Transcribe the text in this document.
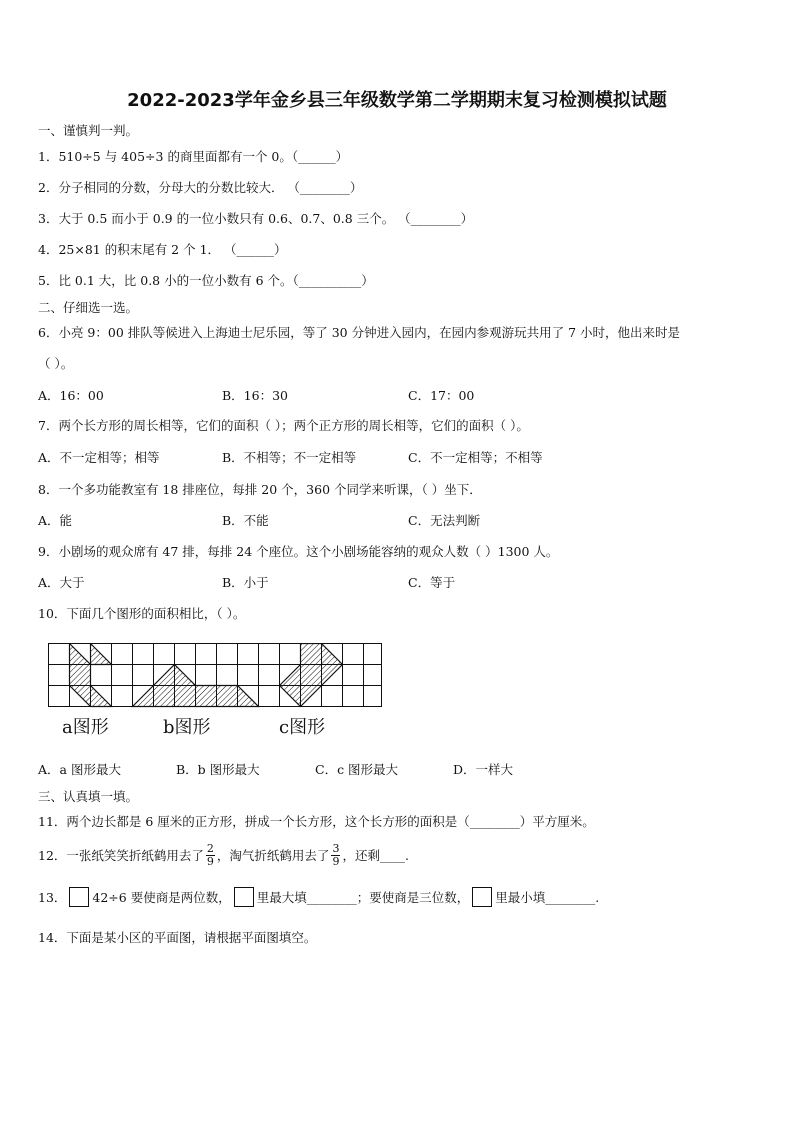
2022-2023学年金乡县三年级数学第二学期期末复习检测模拟试题
一、谨慎判一判。
1．510÷5 与 405÷3 的商里面都有一个 0。（______）
2．分子相同的分数，分母大的分数比较大． （________）
3．大于 0.5 而小于 0.9 的一位小数只有 0.6、0.7、0.8 三个。 （________）
4．25×81 的积末尾有 2 个 1． （______）
5．比 0.1 大，比 0.8 小的一位小数有 6 个。（__________）
二、仔细选一选。
6．小亮 9：00 排队等候进入上海迪士尼乐园，等了 30 分钟进入园内，在园内参观游玩共用了 7 小时，他出来时是
（ ）。
A．16：00	B．16：30	C．17：00
7．两个长方形的周长相等，它们的面积（ ）；两个正方形的周长相等，它们的面积（ ）。
A．不一定相等；相等	B．不相等；不一定相等	C．不一定相等；不相等
8．一个多功能教室有 18 排座位，每排 20 个，360 个同学来听课，（ ）坐下．
A．能	B．不能	C．无法判断
9．小剧场的观众席有 47 排，每排 24 个座位。这个小剧场能容纳的观众人数（ ）1300 人。
A．大于	B．小于	C．等于
10．下面几个图形的面积相比，（ ）。
a图形	b图形	c图形
A．a 图形最大	B．b 图形最大	C．c 图形最大	D．一样大
三、认真填一填。
11．两个边长都是 6 厘米的正方形，拼成一个长方形，这个长方形的面积是（________）平方厘米。
12．一张纸笑笑折纸鹤用去了 $\frac{2}{9}$ ，淘气折纸鹤用去了 $\frac{3}{9}$ ，还剩____.
13． 42÷6 要使商是两位数， 里最大填________；要使商是三位数， 里最小填________.
14．下面是某小区的平面图，请根据平面图填空。
